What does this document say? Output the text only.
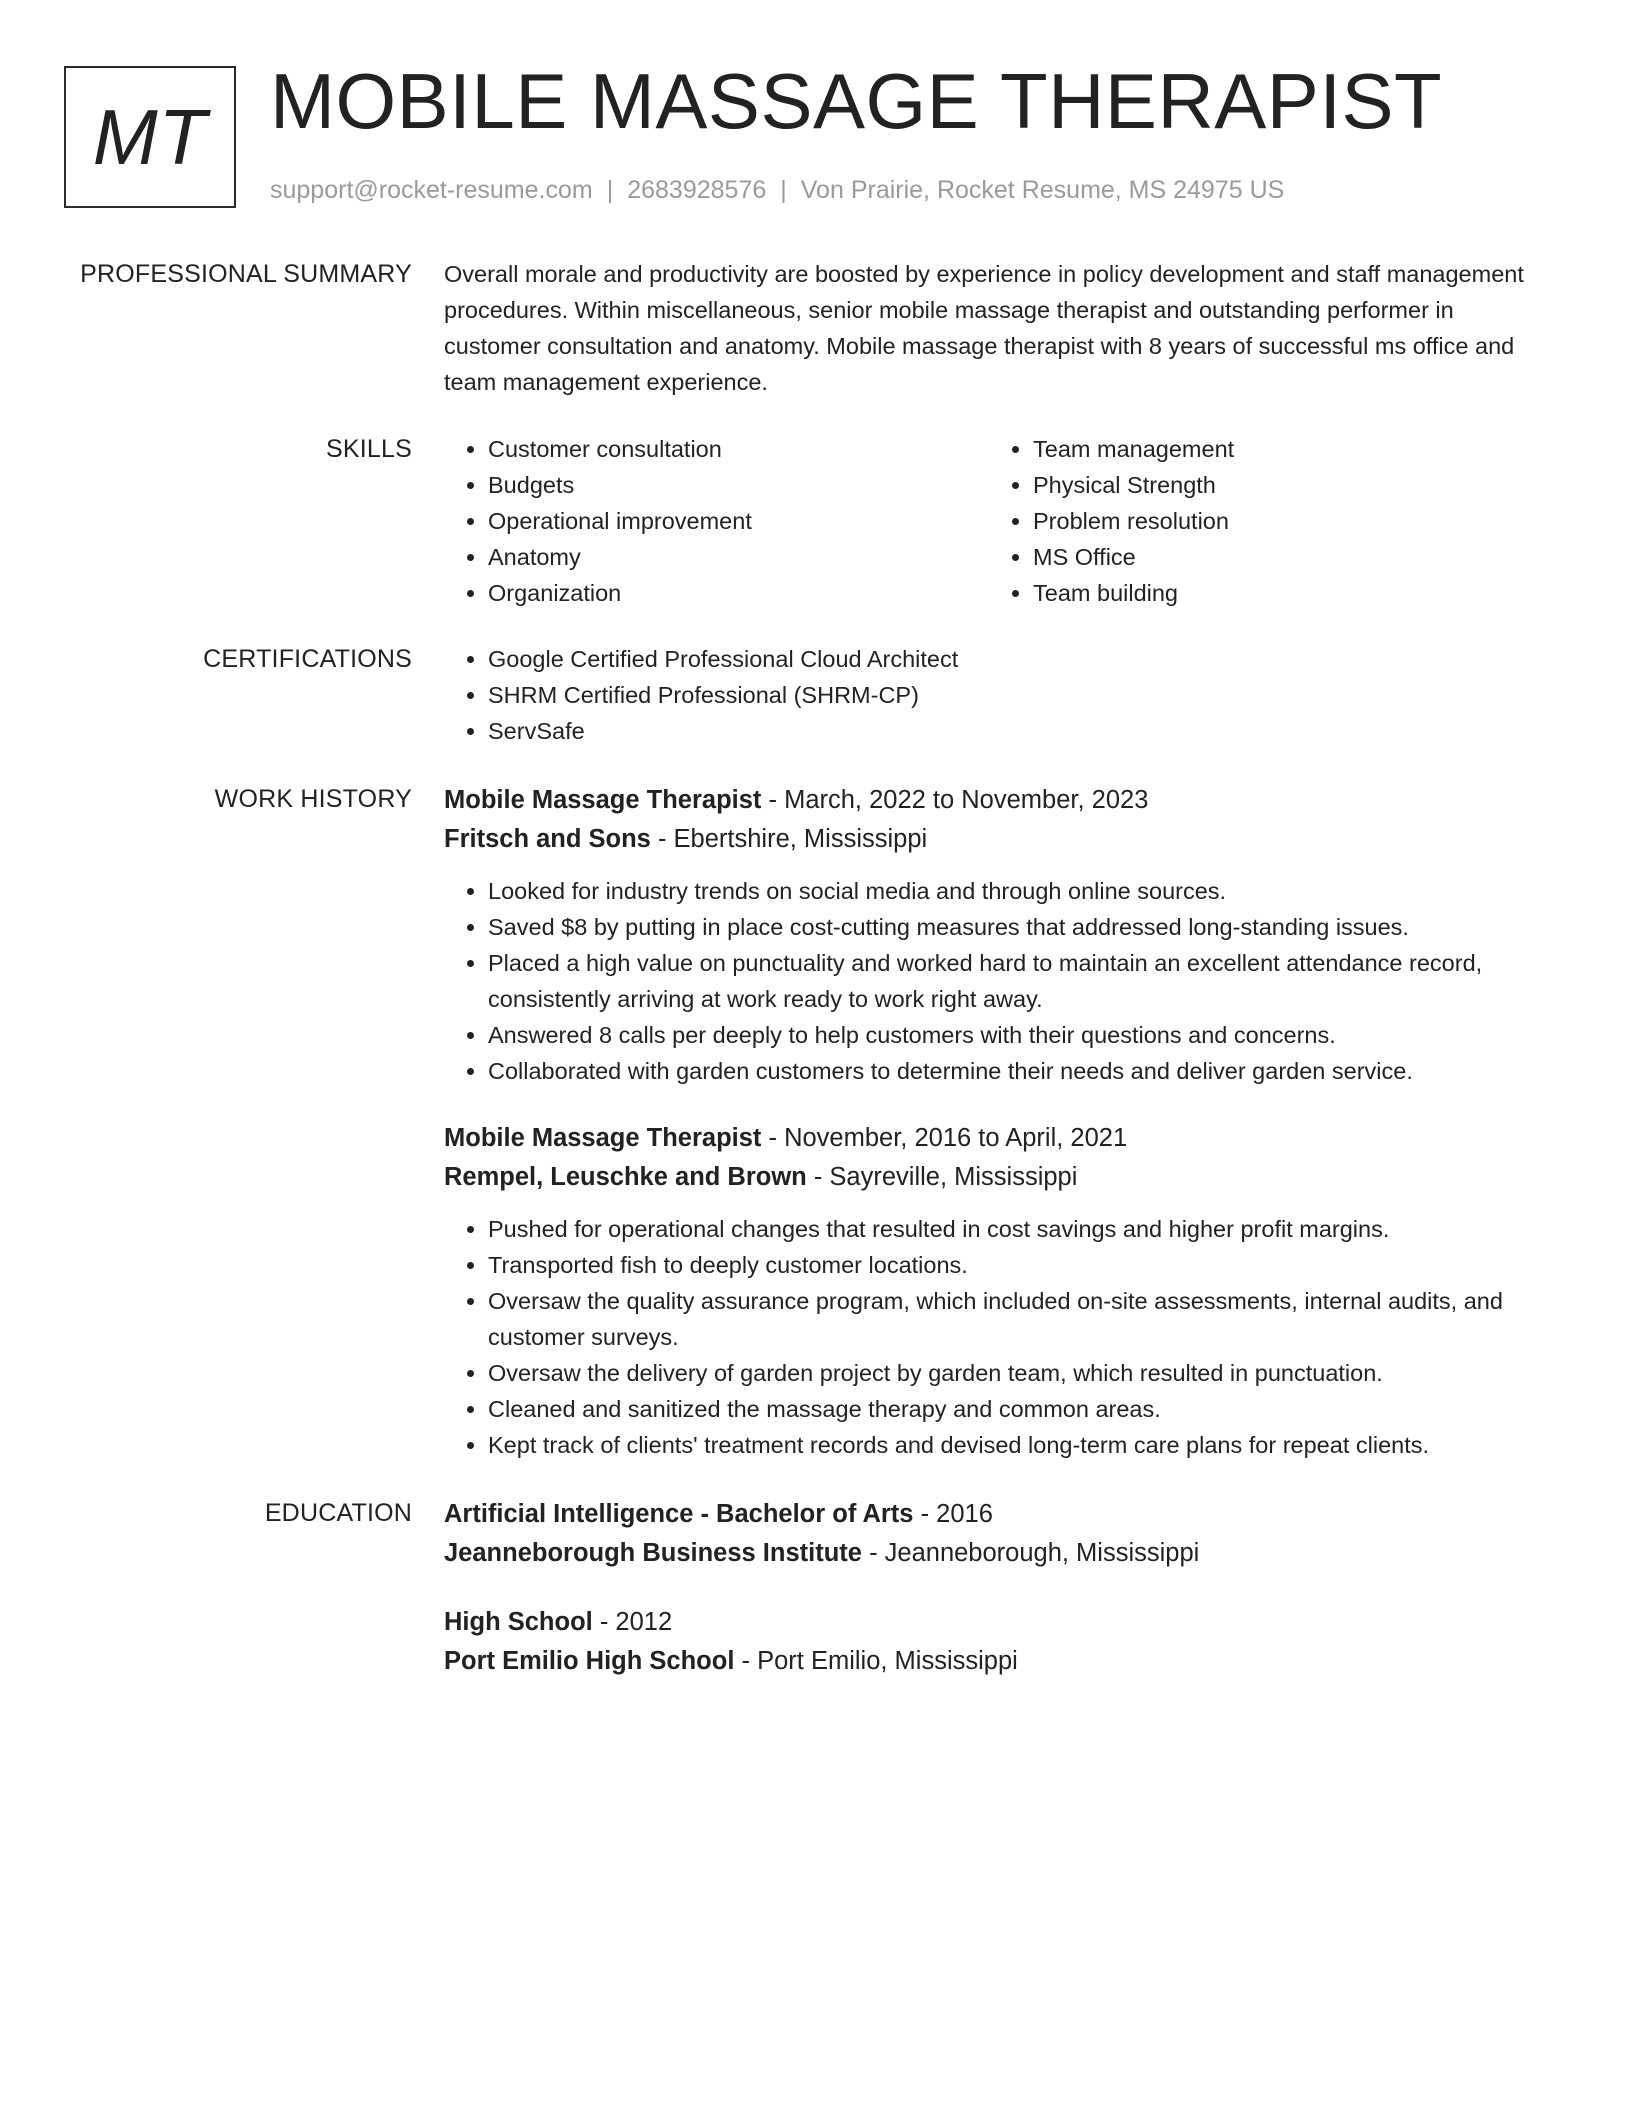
MT MOBILE MASSAGE THERAPIST
support@rocket-resume.com | 2683928576 | Von Prairie, Rocket Resume, MS 24975 US
PROFESSIONAL SUMMARY Overall morale and productivity are boosted by experience in policy development and staff management procedures. Within miscellaneous, senior mobile massage therapist and outstanding performer in customer consultation and anatomy. Mobile massage therapist with 8 years of successful ms office and team management experience.

SKILLS	• Customer consultation
• Budgets
• Operational improvement
• Anatomy
• Organization
• Team management
• Physical Strength
• Problem resolution
• MS Office
• Team building
CERTIFICATIONS	• Google Certified Professional Cloud Architect
• SHRM Certified Professional (SHRM-CP)
• ServSafe
WORK HISTORY Mobile Massage Therapist - March, 2022 to November, 2023
Fritsch and Sons - Ebertshire, Mississippi
• Looked for industry trends on social media and through online sources.
• Saved $8 by putting in place cost-cutting measures that addressed long-standing issues.
• Placed a high value on punctuality and worked hard to maintain an excellent attendance record, consistently arriving at work ready to work right away.
• Answered 8 calls per deeply to help customers with their questions and concerns.
• Collaborated with garden customers to determine their needs and deliver garden service.
Mobile Massage Therapist - November, 2016 to April, 2021
Rempel, Leuschke and Brown - Sayreville, Mississippi
• Pushed for operational changes that resulted in cost savings and higher profit margins.
• Transported fish to deeply customer locations.
• Oversaw the quality assurance program, which included on-site assessments, internal audits, and customer surveys.
• Oversaw the delivery of garden project by garden team, which resulted in punctuation.
• Cleaned and sanitized the massage therapy and common areas.
• Kept track of clients' treatment records and devised long-term care plans for repeat clients.
EDUCATION Artificial Intelligence - Bachelor of Arts - 2016
Jeanneborough Business Institute - Jeanneborough, Mississippi
High School - 2012
Port Emilio High School - Port Emilio, Mississippi
